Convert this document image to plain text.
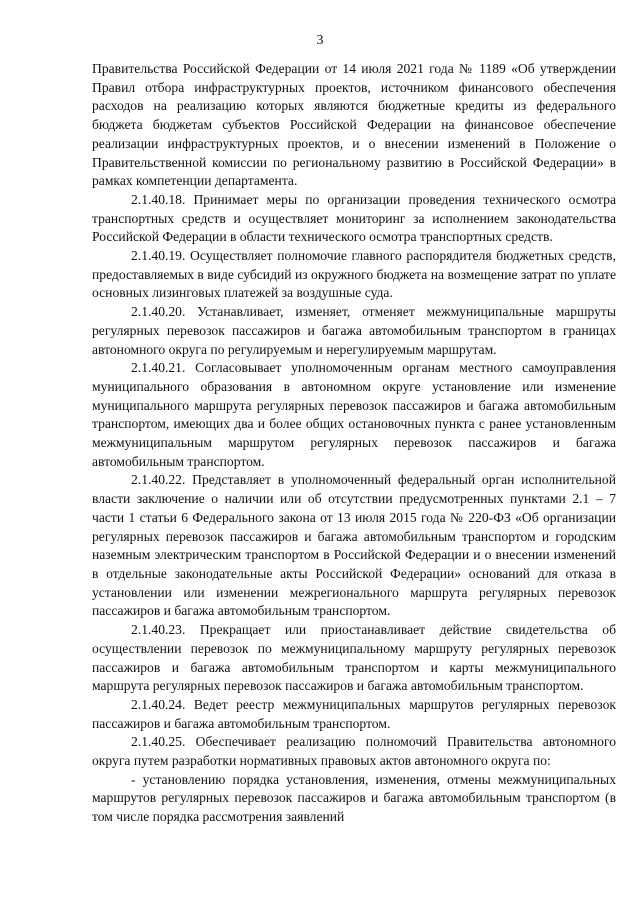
3

Правительства Российской Федерации от 14 июля 2021 года № 1189 «Об утверждении Правил отбора инфраструктурных проектов, источником финансового обеспечения расходов на реализацию которых являются бюджетные кредиты из федерального бюджета бюджетам субъектов Российской Федерации на финансовое обеспечение реализации инфраструктурных проектов, и о внесении изменений в Положение о Правительственной комиссии по региональному развитию в Российской Федерации» в рамках компетенции департамента.

2.1.40.18. Принимает меры по организации проведения технического осмотра транспортных средств и осуществляет мониторинг за исполнением законодательства Российской Федерации в области технического осмотра транспортных средств.

2.1.40.19. Осуществляет полномочие главного распорядителя бюджетных средств, предоставляемых в виде субсидий из окружного бюджета на возмещение затрат по уплате основных лизинговых платежей за воздушные суда.

2.1.40.20. Устанавливает, изменяет, отменяет межмуниципальные маршруты регулярных перевозок пассажиров и багажа автомобильным транспортом в границах автономного округа по регулируемым и нерегулируемым маршрутам.

2.1.40.21. Согласовывает уполномоченным органам местного самоуправления муниципального образования в автономном округе установление или изменение муниципального маршрута регулярных перевозок пассажиров и багажа автомобильным транспортом, имеющих два и более общих остановочных пункта с ранее установленным межмуниципальным маршрутом регулярных перевозок пассажиров и багажа автомобильным транспортом.

2.1.40.22. Представляет в уполномоченный федеральный орган исполнительной власти заключение о наличии или об отсутствии предусмотренных пунктами 2.1 – 7 части 1 статьи 6 Федерального закона от 13 июля 2015 года № 220-ФЗ «Об организации регулярных перевозок пассажиров и багажа автомобильным транспортом и городским наземным электрическим транспортом в Российской Федерации и о внесении изменений в отдельные законодательные акты Российской Федерации» оснований для отказа в установлении или изменении межрегионального маршрута регулярных перевозок пассажиров и багажа автомобильным транспортом.

2.1.40.23. Прекращает или приостанавливает действие свидетельства об осуществлении перевозок по межмуниципальному маршруту регулярных перевозок пассажиров и багажа автомобильным транспортом и карты межмуниципального маршрута регулярных перевозок пассажиров и багажа автомобильным транспортом.

2.1.40.24. Ведет реестр межмуниципальных маршрутов регулярных перевозок пассажиров и багажа автомобильным транспортом.

2.1.40.25. Обеспечивает реализацию полномочий Правительства автономного округа путем разработки нормативных правовых актов автономного округа по:

- установлению порядка установления, изменения, отмены межмуниципальных маршрутов регулярных перевозок пассажиров и багажа автомобильным транспортом (в том числе порядка рассмотрения заявлений
